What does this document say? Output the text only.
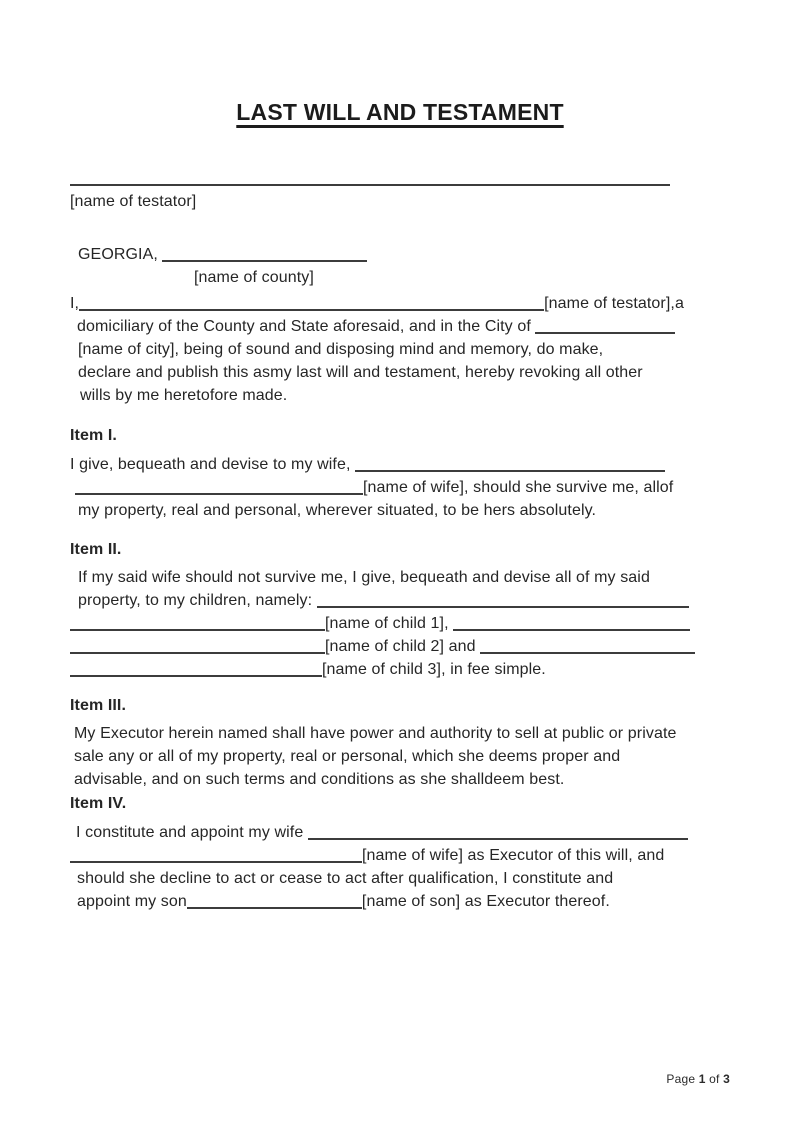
LAST WILL AND TESTAMENT

[name of testator]
GEORGIA,
[name of county]
I,	[name of testator],a
domiciliary of the County and State aforesaid, and in the City of
[name of city], being of sound and disposing mind and memory, do make,
declare and publish this asmy last will and testament, hereby revoking all other
wills by me heretofore made.
Item I.
I give, bequeath and devise to my wife,
[name of wife], should she survive me, allof
my property, real and personal, wherever situated, to be hers absolutely.
Item II.
If my said wife should not survive me, I give, bequeath and devise all of my said
property, to my children, namely:
[name of child 1],
[name of child 2] and
[name of child 3], in fee simple.
Item III.
My Executor herein named shall have power and authority to sell at public or private
sale any or all of my property, real or personal, which she deems proper and
advisable, and on such terms and conditions as she shalldeem best.
Item IV.
I constitute and appoint my wife
[name of wife] as Executor of this will, and
should she decline to act or cease to act after qualification, I constitute and
appoint my son	[name of son] as Executor thereof.
Page 1 of 3
